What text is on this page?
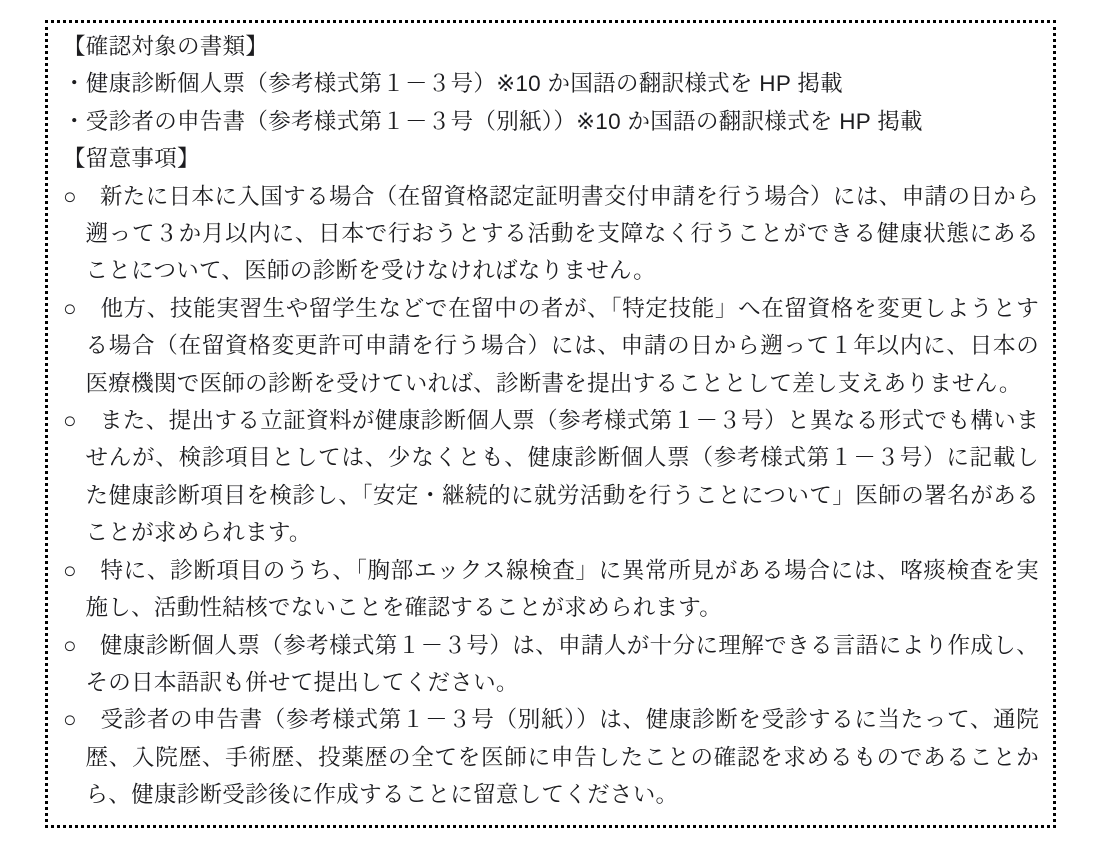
【確認対象の書類】

・健康診断個人票（参考様式第１－３号）※10 か国語の翻訳様式を HP 掲載

・受診者の申告書（参考様式第１－３号（別紙））※10 か国語の翻訳様式を HP 掲載

【留意事項】

○　新たに日本に入国する場合（在留資格認定証明書交付申請を行う場合）には、申請の日から遡って３か月以内に、日本で行おうとする活動を支障なく行うことができる健康状態にあることについて、医師の診断を受けなければなりません。

○　他方、技能実習生や留学生などで在留中の者が、「特定技能」へ在留資格を変更しようとする場合（在留資格変更許可申請を行う場合）には、申請の日から遡って１年以内に、日本の医療機関で医師の診断を受けていれば、診断書を提出することとして差し支えありません。

○　また、提出する立証資料が健康診断個人票（参考様式第１－３号）と異なる形式でも構いませんが、検診項目としては、少なくとも、健康診断個人票（参考様式第１－３号）に記載した健康診断項目を検診し、「安定・継続的に就労活動を行うことについて」医師の署名があることが求められます。

○　特に、診断項目のうち、「胸部エックス線検査」に異常所見がある場合には、喀痰検査を実施し、活動性結核でないことを確認することが求められます。

○　健康診断個人票（参考様式第１－３号）は、申請人が十分に理解できる言語により作成し、その日本語訳も併せて提出してください。

○　受診者の申告書（参考様式第１－３号（別紙））は、健康診断を受診するに当たって、通院歴、入院歴、手術歴、投薬歴の全てを医師に申告したことの確認を求めるものであることから、健康診断受診後に作成することに留意してください。
